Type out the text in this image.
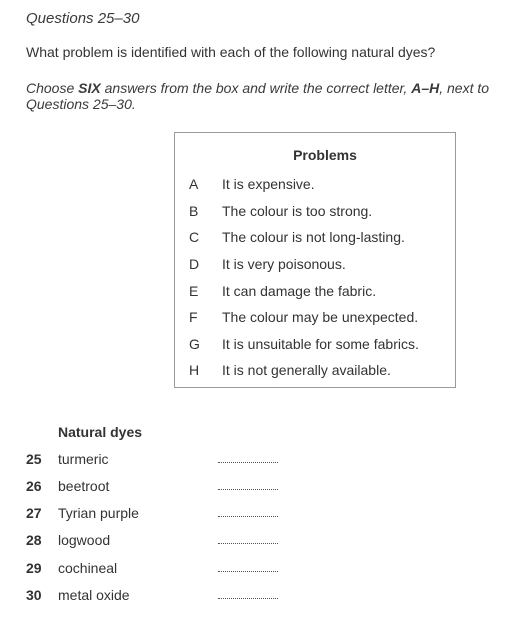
Questions 25–30
What problem is identified with each of the following natural dyes?
Choose SIX answers from the box and write the correct letter, A–H, next to Questions 25–30.
Problems
A	It is expensive.
B	The colour is too strong.
C The colour is not long-lasting.
D It is very poisonous.
E	It can damage the fabric.
F	The colour may be unexpected.
G It is unsuitable for some fabrics.
H It is not generally available.
Natural dyes
25 turmeric
26 beetroot
27 Tyrian purple
28 logwood
29 cochineal
30 metal oxide
